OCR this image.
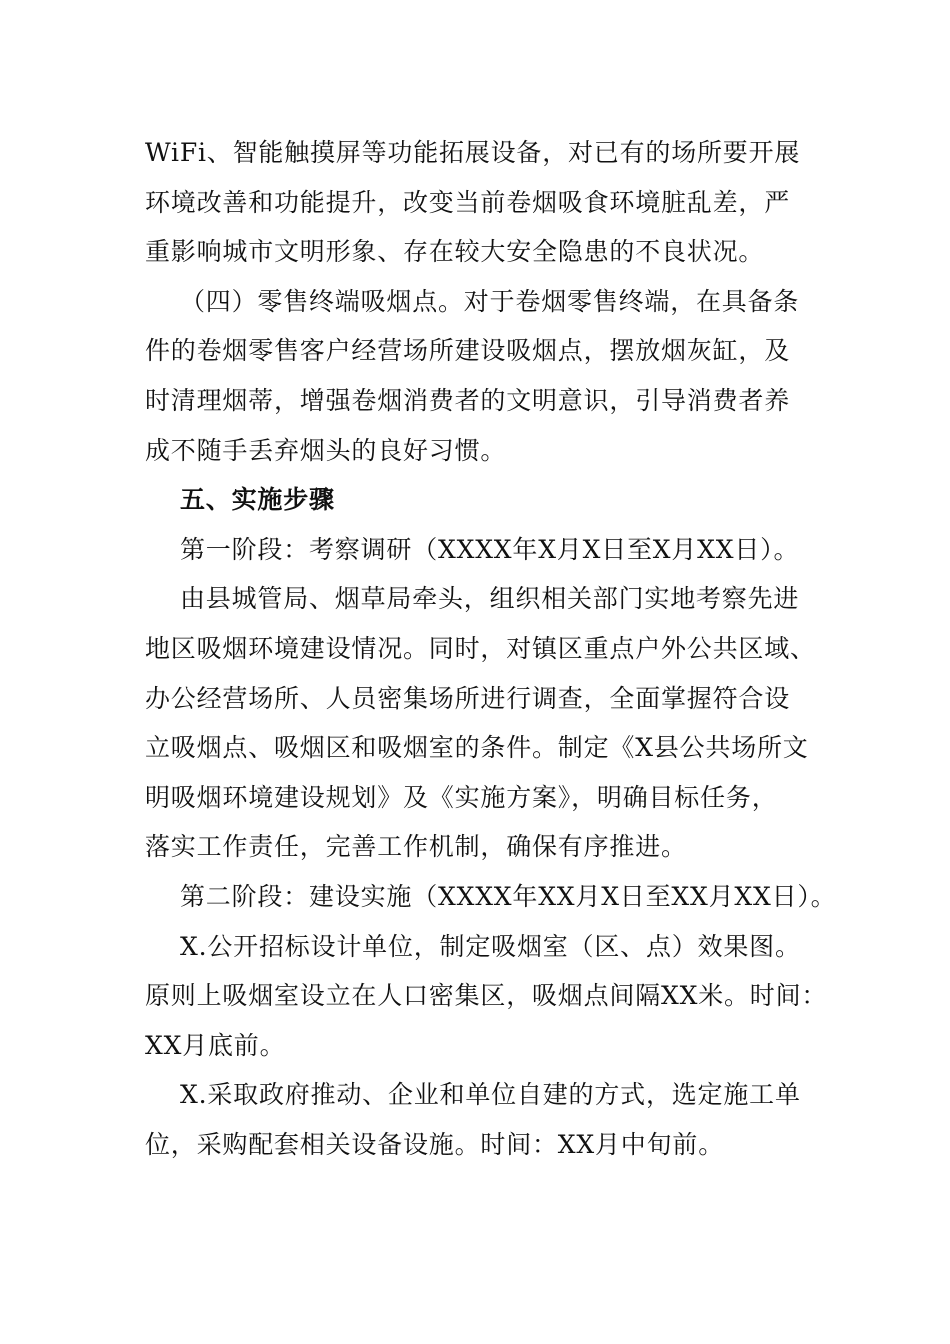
WiFi、智能触摸屏等功能拓展设备，对已有的场所要开展
环境改善和功能提升，改变当前卷烟吸食环境脏乱差，严
重影响城市文明形象、存在较大安全隐患的不良状况。
（四）零售终端吸烟点。对于卷烟零售终端，在具备条
件的卷烟零售客户经营场所建设吸烟点，摆放烟灰缸，及
时清理烟蒂，增强卷烟消费者的文明意识，引导消费者养
成不随手丢弃烟头的良好习惯。
五、实施步骤
第一阶段：考察调研（XXXX年X月X日至X月XX日）。
由县城管局、烟草局牵头，组织相关部门实地考察先进
地区吸烟环境建设情况。同时，对镇区重点户外公共区域、
办公经营场所、人员密集场所进行调查，全面掌握符合设
立吸烟点、吸烟区和吸烟室的条件。制定《X县公共场所文
明吸烟环境建设规划》及《实施方案》，明确目标任务，
落实工作责任，完善工作机制，确保有序推进。
第二阶段：建设实施（XXXX年XX月X日至XX月XX日）。
X.公开招标设计单位，制定吸烟室（区、点）效果图。
原则上吸烟室设立在人口密集区，吸烟点间隔XX米。时间：
XX月底前。
X.采取政府推动、企业和单位自建的方式，选定施工单
位，采购配套相关设备设施。时间：XX月中旬前。
